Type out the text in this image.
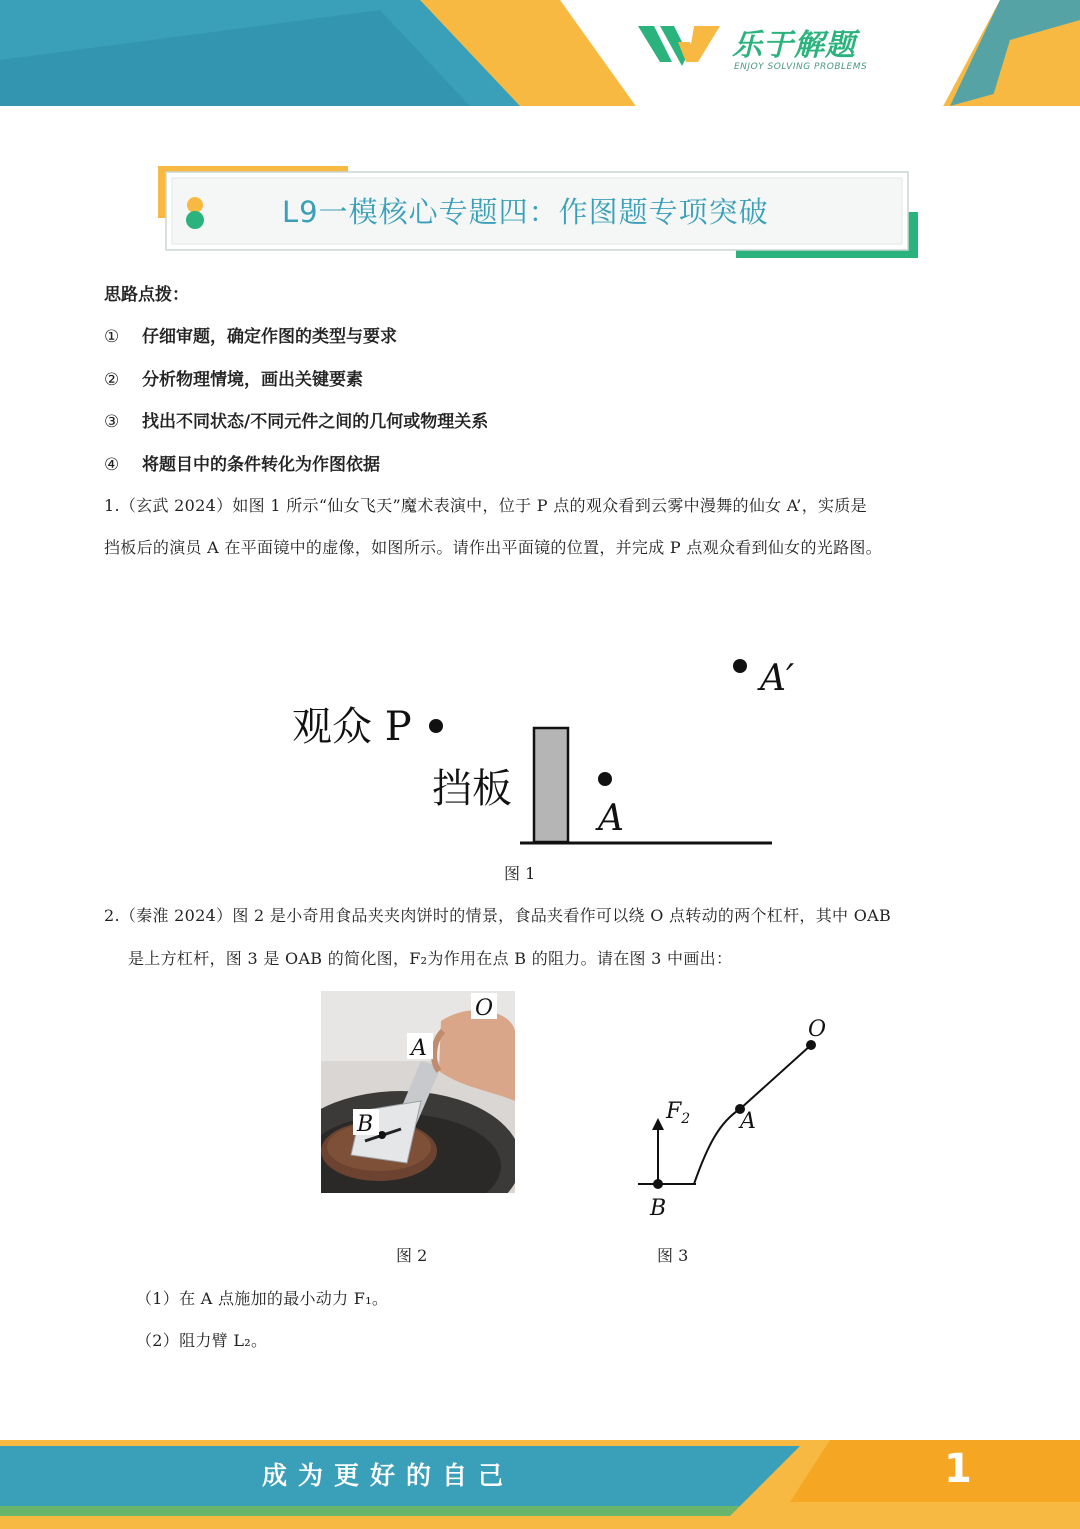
乐于解题
ENJOY SOLVING PROBLEMS
L9一模核心专题四：作图题专项突破
思路点拨：
① 仔细审题，确定作图的类型与要求
② 分析物理情境，画出关键要素
③ 找出不同状态/不同元件之间的几何或物理关系
④ 将题目中的条件转化为作图依据
1.（玄武 2024）如图 1 所示“仙女飞天”魔术表演中，位于 P 点的观众看到云雾中漫舞的仙女 A’，实质是
挡板后的演员 A 在平面镜中的虚像，如图所示。请作出平面镜的位置，并完成 P 点观众看到仙女的光路图。
观众 P
挡板
A
A′
图 1
2.（秦淮 2024）图 2 是小奇用食品夹夹肉饼时的情景，食品夹看作可以绕 O 点转动的两个杠杆，其中 OAB
是上方杠杆，图 3 是 OAB 的简化图，F₂为作用在点 B 的阻力。请在图 3 中画出：
O
A
B
图 2
$F_2$ A
O
B
图 3
（1）在 A 点施加的最小动力 F₁。
（2）阻力臂 L₂。
成为更好的自己	1
